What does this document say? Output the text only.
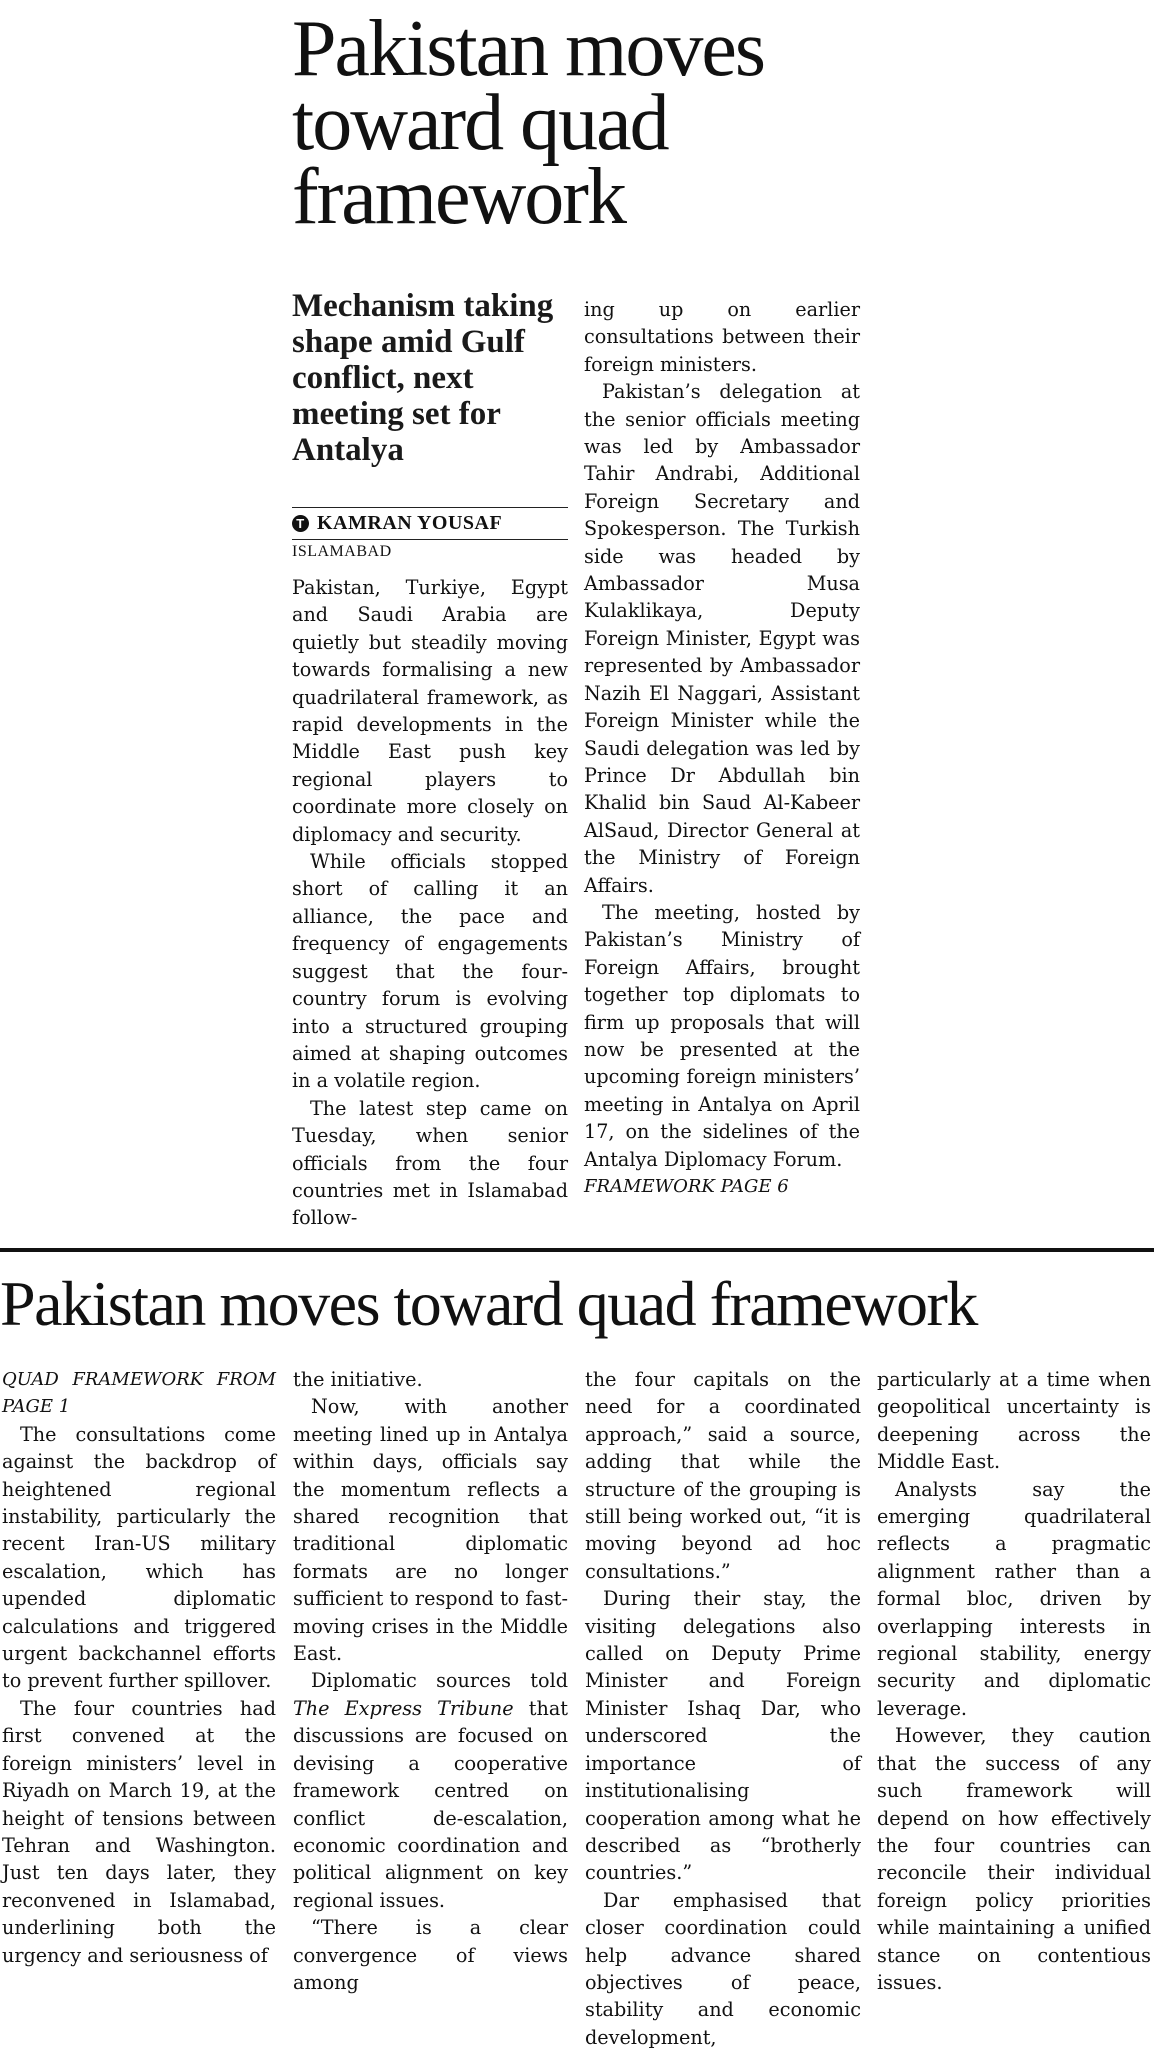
Pakistan moves toward quad framework
Mechanism taking shape amid Gulf conflict, next meeting set for Antalya
T KAMRAN YOUSAF
ISLAMABAD

Pakistan, Turkiye, Egypt and Saudi Arabia are quietly but steadily moving towards formalising a new quadrilateral framework, as rapid developments in the Middle East push key regional players to coordinate more closely on diplomacy and security.

While officials stopped short of calling it an alliance, the pace and frequency of engagements suggest that the four-country forum is evolving into a structured grouping aimed at shaping outcomes in a volatile region.

The latest step came on Tuesday, when senior officials from the four countries met in Islamabad follow-

ing up on earlier consultations between their foreign ministers.

Pakistan’s delegation at the senior officials meeting was led by Ambassador Tahir Andrabi, Additional Foreign Secretary and Spokesperson. The Turkish side was headed by Ambassador Musa Kulaklikaya, Deputy Foreign Minister, Egypt was represented by Ambassador Nazih El Naggari, Assistant Foreign Minister while the Saudi delegation was led by Prince Dr Abdullah bin Khalid bin Saud Al-Kabeer AlSaud, Director General at the Ministry of Foreign Affairs.

The meeting, hosted by Pakistan’s Ministry of Foreign Affairs, brought together top diplomats to firm up proposals that will now be presented at the upcoming foreign ministers’ meeting in Antalya on April 17, on the sidelines of the Antalya Diplomacy Forum.

FRAMEWORK PAGE 6

Pakistan moves toward quad framework

QUAD FRAMEWORK FROM PAGE 1

The consultations come against the backdrop of heightened regional instability, particularly the recent Iran-US military escalation, which has upended diplomatic calculations and triggered urgent backchannel efforts to prevent further spillover.

The four countries had first convened at the foreign ministers’ level in Riyadh on March 19, at the height of tensions between Tehran and Washington. Just ten days later, they reconvened in Islamabad, underlining both the urgency and seriousness of

the initiative.

Now, with another meeting lined up in Antalya within days, officials say the momentum reflects a shared recognition that traditional diplomatic formats are no longer sufficient to respond to fast-moving crises in the Middle East.

Diplomatic sources told The Express Tribune that discussions are focused on devising a cooperative framework centred on conflict de-escalation, economic coordination and political alignment on key regional issues.

“There is a clear convergence of views among

the four capitals on the need for a coordinated approach,” said a source, adding that while the structure of the grouping is still being worked out, “it is moving beyond ad hoc consultations.”

During their stay, the visiting delegations also called on Deputy Prime Minister and Foreign Minister Ishaq Dar, who underscored the importance of institutionalising cooperation among what he described as “brotherly countries.”

Dar emphasised that closer coordination could help advance shared objectives of peace, stability and economic development,

particularly at a time when geopolitical uncertainty is deepening across the Middle East.

Analysts say the emerging quadrilateral reflects a pragmatic alignment rather than a formal bloc, driven by overlapping interests in regional stability, energy security and diplomatic leverage.

However, they caution that the success of any such framework will depend on how effectively the four countries can reconcile their individual foreign policy priorities while maintaining a unified stance on contentious issues.
